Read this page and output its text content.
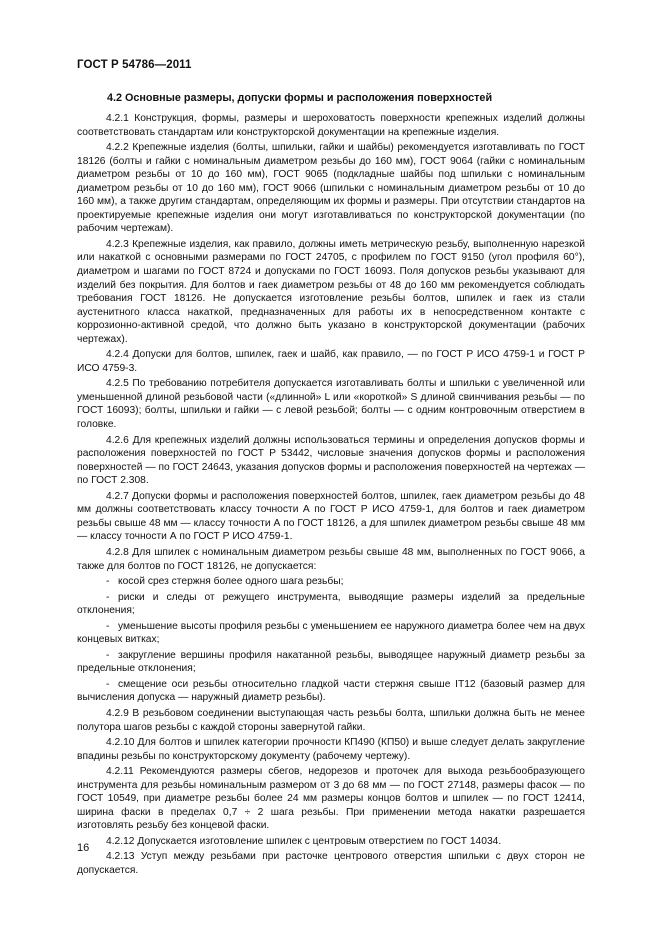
ГОСТ Р 54786—2011
4.2 Основные размеры, допуски формы и расположения поверхностей

4.2.1 Конструкция, формы, размеры и шероховатость поверхности крепежных изделий должны соответствовать стандартам или конструкторской документации на крепежные изделия.

4.2.2 Крепежные изделия (болты, шпильки, гайки и шайбы) рекомендуется изготавливать по ГОСТ 18126 (болты и гайки с номинальным диаметром резьбы до 160 мм), ГОСТ 9064 (гайки с номинальным диаметром резьбы от 10 до 160 мм), ГОСТ 9065 (подкладные шайбы под шпильки с номинальным диаметром резьбы от 10 до 160 мм), ГОСТ 9066 (шпильки с номинальным диаметром резьбы от 10 до 160 мм), а также другим стандартам, определяющим их формы и размеры. При отсутствии стандартов на проектируемые крепежные изделия они могут изготавливаться по конструкторской документации (по рабочим чертежам).

4.2.3 Крепежные изделия, как правило, должны иметь метрическую резьбу, выполненную нарезкой или накаткой с основными размерами по ГОСТ 24705, с профилем по ГОСТ 9150 (угол профиля 60°), диаметром и шагами по ГОСТ 8724 и допусками по ГОСТ 16093. Поля допусков резьбы указывают для изделий без покрытия. Для болтов и гаек диаметром резьбы от 48 до 160 мм рекомендуется соблюдать требования ГОСТ 18126. Не допускается изготовление резьбы болтов, шпилек и гаек из стали аустенитного класса накаткой, предназначенных для работы их в непосредственном контакте с коррозионно-активной средой, что должно быть указано в конструкторской документации (рабочих чертежах).

4.2.4 Допуски для болтов, шпилек, гаек и шайб, как правило, — по ГОСТ Р ИСО 4759-1 и ГОСТ Р ИСО 4759-3.

4.2.5 По требованию потребителя допускается изготавливать болты и шпильки с увеличенной или уменьшенной длиной резьбовой части («длинной» L или «короткой» S длиной свинчивания резьбы — по ГОСТ 16093); болты, шпильки и гайки — с левой резьбой; болты — с одним контровочным отверстием в головке.

4.2.6 Для крепежных изделий должны использоваться термины и определения допусков формы и расположения поверхностей по ГОСТ Р 53442, числовые значения допусков формы и расположения поверхностей — по ГОСТ 24643, указания допусков формы и расположения поверхностей на чертежах — по ГОСТ 2.308.

4.2.7 Допуски формы и расположения поверхностей болтов, шпилек, гаек диаметром резьбы до 48 мм должны соответствовать классу точности А по ГОСТ Р ИСО 4759-1, для болтов и гаек диаметром резьбы свыше 48 мм — классу точности А по ГОСТ 18126, а для шпилек диаметром резьбы свыше 48 мм — классу точности А по ГОСТ Р ИСО 4759-1.

4.2.8 Для шпилек с номинальным диаметром резьбы свыше 48 мм, выполненных по ГОСТ 9066, а также для болтов по ГОСТ 18126, не допускается:

- косой срез стержня более одного шага резьбы;

- риски и следы от режущего инструмента, выводящие размеры изделий за предельные отклонения;

- уменьшение высоты профиля резьбы с уменьшением ее наружного диаметра более чем на двух концевых витках;

- закругление вершины профиля накатанной резьбы, выводящее наружный диаметр резьбы за предельные отклонения;

- смещение оси резьбы относительно гладкой части стержня свыше IT12 (базовый размер для вычисления допуска — наружный диаметр резьбы).

4.2.9 В резьбовом соединении выступающая часть резьбы болта, шпильки должна быть не менее полутора шагов резьбы с каждой стороны завернутой гайки.

4.2.10 Для болтов и шпилек категории прочности КП490 (КП50) и выше следует делать закругление впадины резьбы по конструкторскому документу (рабочему чертежу).

4.2.11 Рекомендуются размеры сбегов, недорезов и проточек для выхода резьбообразующего инструмента для резьбы номинальным размером от 3 до 68 мм — по ГОСТ 27148, размеры фасок — по ГОСТ 10549, при диаметре резьбы более 24 мм размеры концов болтов и шпилек — по ГОСТ 12414, ширина фаски в пределах 0,7 ÷ 2 шага резьбы. При применении метода накатки разрешается изготовлять резьбу без концевой фаски.

4.2.12 Допускается изготовление шпилек с центровым отверстием по ГОСТ 14034.

4.2.13 Уступ между резьбами при расточке центрового отверстия шпильки с двух сторон не допускается.

16
